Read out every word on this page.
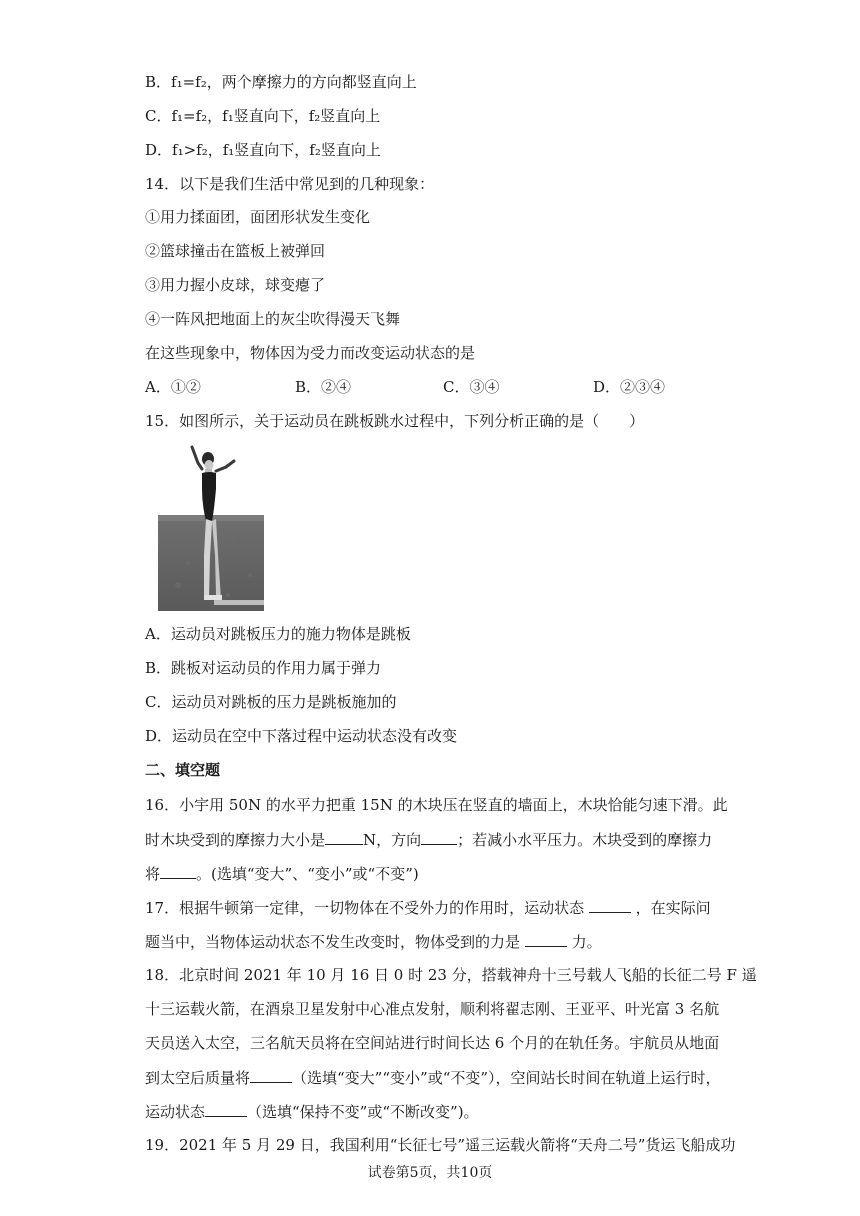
B．f₁=f₂，两个摩擦力的方向都竖直向上
C．f₁=f₂，f₁竖直向下，f₂竖直向上
D．f₁>f₂，f₁竖直向下，f₂竖直向上
14．以下是我们生活中常见到的几种现象：
①用力揉面团，面团形状发生变化
②篮球撞击在篮板上被弹回
③用力握小皮球，球变瘪了
④一阵风把地面上的灰尘吹得漫天飞舞
在这些现象中，物体因为受力而改变运动状态的是
A．①②	B．②④	C．③④	D．②③④
15．如图所示，关于运动员在跳板跳水过程中，下列分析正确的是（　　）
A．运动员对跳板压力的施力物体是跳板
B．跳板对运动员的作用力属于弹力
C．运动员对跳板的压力是跳板施加的
D．运动员在空中下落过程中运动状态没有改变
二、填空题
16．小宇用 50N 的水平力把重 15N 的木块压在竖直的墙面上，木块恰能匀速下滑。此
时木块受到的摩擦力大小是	N，方向 ；若减小水平压力。木块受到的摩擦力
将 。(选填“变大”、“变小”或“不变”)
17．根据牛顿第一定律，一切物体在不受外力的作用时，运动状态	，在实际问
题当中，当物体运动状态不发生改变时，物体受到的力是	力。
18．北京时间 2021 年 10 月 16 日 0 时 23 分，搭载神舟十三号载人飞船的长征二号 F 遥
十三运载火箭，在酒泉卫星发射中心准点发射，顺利将翟志刚、王亚平、叶光富 3 名航
天员送入太空，三名航天员将在空间站进行时间长达 6 个月的在轨任务。宇航员从地面
到太空后质量将	（选填“变大”“变小”或“不变”），空间站长时间在轨道上运行时，
运动状态	（选填“保持不变”或“不断改变”)。
19．2021 年 5 月 29 日，我国利用“长征七号”遥三运载火箭将“天舟二号”货运飞船成功
试卷第5页，共10页
